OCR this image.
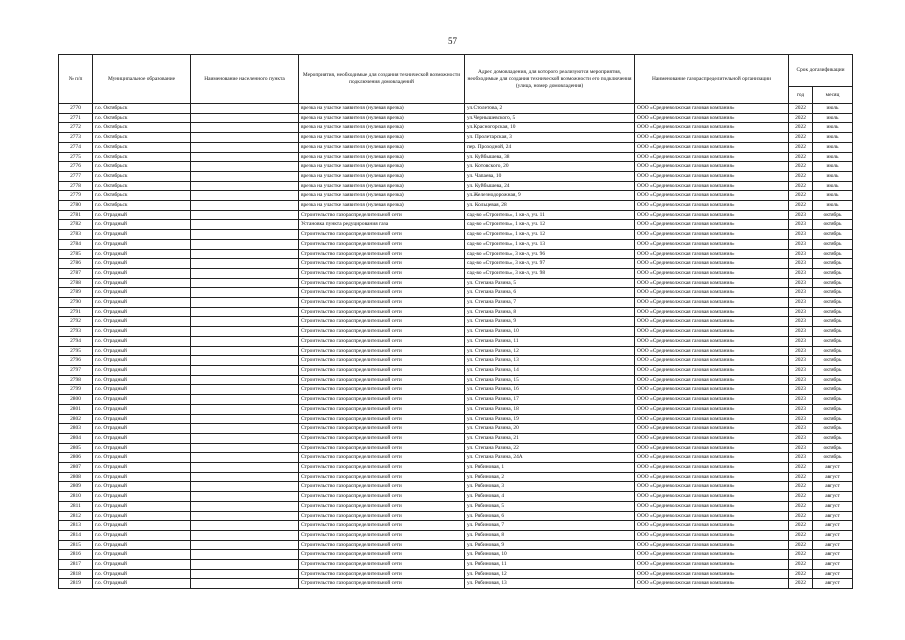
57
№ п/п	Муниципальное образование	Наименование населенного пункта	Мероприятия, необходимые для создания технической возможности подключения домовладений	Адрес домовладения, для которого реализуются мероприятия, необходимые для создания технической возможности его подключения (улица, номер домовладения)	Наименование газораспределительной организации	Срок догазификации	
						год	месяц
2770	г.о. Октябрьск		врезка на участке заявителя (нулевая врезка)	ул.Столетова, 2	ООО «Средневолжская газовая компания»	2022	июль
2771	г.о. Октябрьск		врезка на участке заявителя (нулевая врезка)	ул.Чернышевского, 5	ООО «Средневолжская газовая компания»	2022	июль
2772	г.о. Октябрьск		врезка на участке заявителя (нулевая врезка)	ул.Красногорская, 10	ООО «Средневолжская газовая компания»	2022	июль
2773	г.о. Октябрьск		врезка на участке заявителя (нулевая врезка)	ул. Пролетарская, 3	ООО «Средневолжская газовая компания»	2022	июль
2774	г.о. Октябрьск		врезка на участке заявителя (нулевая врезка)	пер. Проходной, 24	ООО «Средневолжская газовая компания»	2022	июль
2775	г.о. Октябрьск		врезка на участке заявителя (нулевая врезка)	ул. Куйбышева, 38	ООО «Средневолжская газовая компания»	2022	июль
2776	г.о. Октябрьск		врезка на участке заявителя (нулевая врезка)	ул. Котовского, 20	ООО «Средневолжская газовая компания»	2022	июль
2777	г.о. Октябрьск		врезка на участке заявителя (нулевая врезка)	ул. Чапаева, 10	ООО «Средневолжская газовая компания»	2022	июль
2778	г.о. Октябрьск		врезка на участке заявителя (нулевая врезка)	ул. Куйбышева, 24	ООО «Средневолжская газовая компания»	2022	июль
2779	г.о. Октябрьск		врезка на участке заявителя (нулевая врезка)	ул.Железнодорожная, 9	ООО «Средневолжская газовая компания»	2022	июль
2780	г.о. Октябрьск		врезка на участке заявителя (нулевая врезка)	ул. Кольцевая, 28	ООО «Средневолжская газовая компания»	2022	июль
2781	г.о. Отрадный		Строительство газораспределительной сети	сад-во «Строитель», 1 кв-л, уч. 11	ООО «Средневолжская газовая компания»	2023	октябрь
2782	г.о. Отрадный		Установка пункта редуцирования газа	сад-во «Строитель», 1 кв-л, уч. 12	ООО «Средневолжская газовая компания»	2023	октябрь
2783	г.о. Отрадный		Строительство газораспределительной сети	сад-во «Строитель», 1 кв-л, уч. 12	ООО «Средневолжская газовая компания»	2023	октябрь
2784	г.о. Отрадный		Строительство газораспределительной сети	сад-во «Строитель», 1 кв-л, уч. 13	ООО «Средневолжская газовая компания»	2023	октябрь
2785	г.о. Отрадный		Строительство газораспределительной сети	сад-во «Строитель», 3 кв-л, уч. 96	ООО «Средневолжская газовая компания»	2023	октябрь
2786	г.о. Отрадный		Строительство газораспределительной сети	сад-во «Строитель», 3 кв-л, уч. 97	ООО «Средневолжская газовая компания»	2023	октябрь
2787	г.о. Отрадный		Строительство газораспределительной сети	сад-во «Строитель», 3 кв-л, уч. 98	ООО «Средневолжская газовая компания»	2023	октябрь
2788	г.о. Отрадный		Строительство газораспределительной сети	ул. Степана Разина, 5	ООО «Средневолжская газовая компания»	2023	октябрь
2789	г.о. Отрадный		Строительство газораспределительной сети	ул. Степана Разина, 6	ООО «Средневолжская газовая компания»	2023	октябрь
2790	г.о. Отрадный		Строительство газораспределительной сети	ул. Степана Разина, 7	ООО «Средневолжская газовая компания»	2023	октябрь
2791	г.о. Отрадный		Строительство газораспределительной сети	ул. Степана Разина, 8	ООО «Средневолжская газовая компания»	2023	октябрь
2792	г.о. Отрадный		Строительство газораспределительной сети	ул. Степана Разина, 9	ООО «Средневолжская газовая компания»	2023	октябрь
2793	г.о. Отрадный		Строительство газораспределительной сети	ул. Степана Разина, 10	ООО «Средневолжская газовая компания»	2023	октябрь
2794	г.о. Отрадный		Строительство газораспределительной сети	ул. Степана Разина, 11	ООО «Средневолжская газовая компания»	2023	октябрь
2795	г.о. Отрадный		Строительство газораспределительной сети	ул. Степана Разина, 12	ООО «Средневолжская газовая компания»	2023	октябрь
2796	г.о. Отрадный		Строительство газораспределительной сети	ул. Степана Разина, 13	ООО «Средневолжская газовая компания»	2023	октябрь
2797	г.о. Отрадный		Строительство газораспределительной сети	ул. Степана Разина, 14	ООО «Средневолжская газовая компания»	2023	октябрь
2798	г.о. Отрадный		Строительство газораспределительной сети	ул. Степана Разина, 15	ООО «Средневолжская газовая компания»	2023	октябрь
2799	г.о. Отрадный		Строительство газораспределительной сети	ул. Степана Разина, 16	ООО «Средневолжская газовая компания»	2023	октябрь
2800	г.о. Отрадный		Строительство газораспределительной сети	ул. Степана Разина, 17	ООО «Средневолжская газовая компания»	2023	октябрь
2801	г.о. Отрадный		Строительство газораспределительной сети	ул. Степана Разина, 18	ООО «Средневолжская газовая компания»	2023	октябрь
2802	г.о. Отрадный		Строительство газораспределительной сети	ул. Степана Разина, 19	ООО «Средневолжская газовая компания»	2023	октябрь
2803	г.о. Отрадный		Строительство газораспределительной сети	ул. Степана Разина, 20	ООО «Средневолжская газовая компания»	2023	октябрь
2804	г.о. Отрадный		Строительство газораспределительной сети	ул. Степана Разина, 21	ООО «Средневолжская газовая компания»	2023	октябрь
2805	г.о. Отрадный		Строительство газораспределительной сети	ул. Степана Разина, 22	ООО «Средневолжская газовая компания»	2023	октябрь
2806	г.о. Отрадный		Строительство газораспределительной сети	ул. Степана Разина, 24А	ООО «Средневолжская газовая компания»	2023	октябрь
2807	г.о. Отрадный		Строительство газораспределительной сети	ул. Рябиновая, 1	ООО «Средневолжская газовая компания»	2022	август
2808	г.о. Отрадный		Строительство газораспределительной сети	ул. Рябиновая, 2	ООО «Средневолжская газовая компания»	2022	август
2809	г.о. Отрадный		Строительство газораспределительной сети	ул. Рябиновая, 3	ООО «Средневолжская газовая компания»	2022	август
2810	г.о. Отрадный		Строительство газораспределительной сети	ул. Рябиновая, 4	ООО «Средневолжская газовая компания»	2022	август
2811	г.о. Отрадный		Строительство газораспределительной сети	ул. Рябиновая, 5	ООО «Средневолжская газовая компания»	2022	август
2812	г.о. Отрадный		Строительство газораспределительной сети	ул. Рябиновая, 6	ООО «Средневолжская газовая компания»	2022	август
2813	г.о. Отрадный		Строительство газораспределительной сети	ул. Рябиновая, 7	ООО «Средневолжская газовая компания»	2022	август
2814	г.о. Отрадный		Строительство газораспределительной сети	ул. Рябиновая, 8	ООО «Средневолжская газовая компания»	2022	август
2815	г.о. Отрадный		Строительство газораспределительной сети	ул. Рябиновая, 9	ООО «Средневолжская газовая компания»	2022	август
2816	г.о. Отрадный		Строительство газораспределительной сети	ул. Рябиновая, 10	ООО «Средневолжская газовая компания»	2022	август
2817	г.о. Отрадный		Строительство газораспределительной сети	ул. Рябиновая, 11	ООО «Средневолжская газовая компания»	2022	август
2818	г.о. Отрадный		Строительство газораспределительной сети	ул. Рябиновая, 12	ООО «Средневолжская газовая компания»	2022	август
2819	г.о. Отрадный		Строительство газораспределительной сети	ул. Рябиновая, 13	ООО «Средневолжская газовая компания»	2022	август
